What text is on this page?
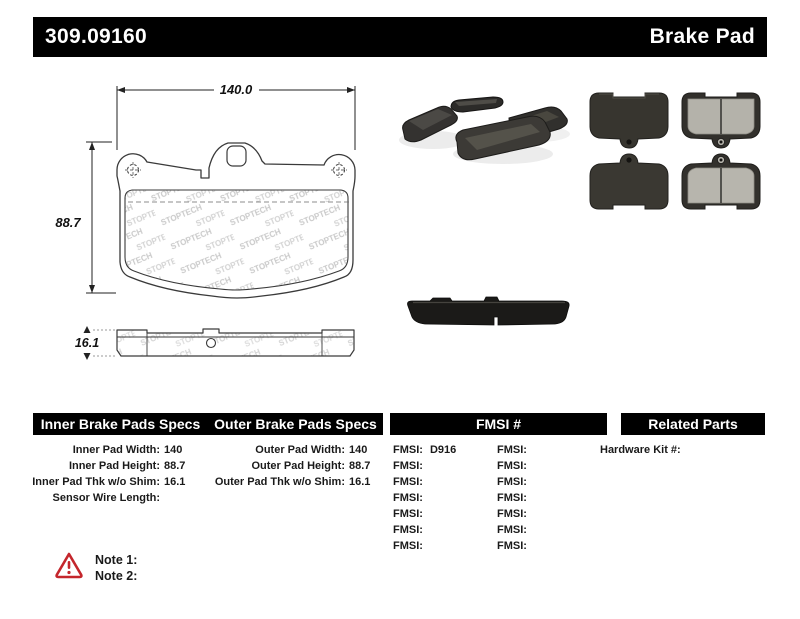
309.09160	Brake Pad
140.0
88.7
16.1
Inner Brake Pads Specs Outer Brake Pads Specs	FMSI #	Related Parts
Inner Pad Width: 140
Inner Pad Height: 88.7
Inner Pad Thk w/o Shim: 16.1
Sensor Wire Length:
Outer Pad Width: 140
Outer Pad Height: 88.7
Outer Pad Thk w/o Shim: 16.1
FMSI: D916
FMSI:
FMSI:
FMSI:
FMSI:
FMSI:
FMSI:
FMSI:
FMSI:
FMSI:
FMSI:
FMSI:
FMSI:
FMSI:
Hardware Kit #:
Note 1:
Note 2:
